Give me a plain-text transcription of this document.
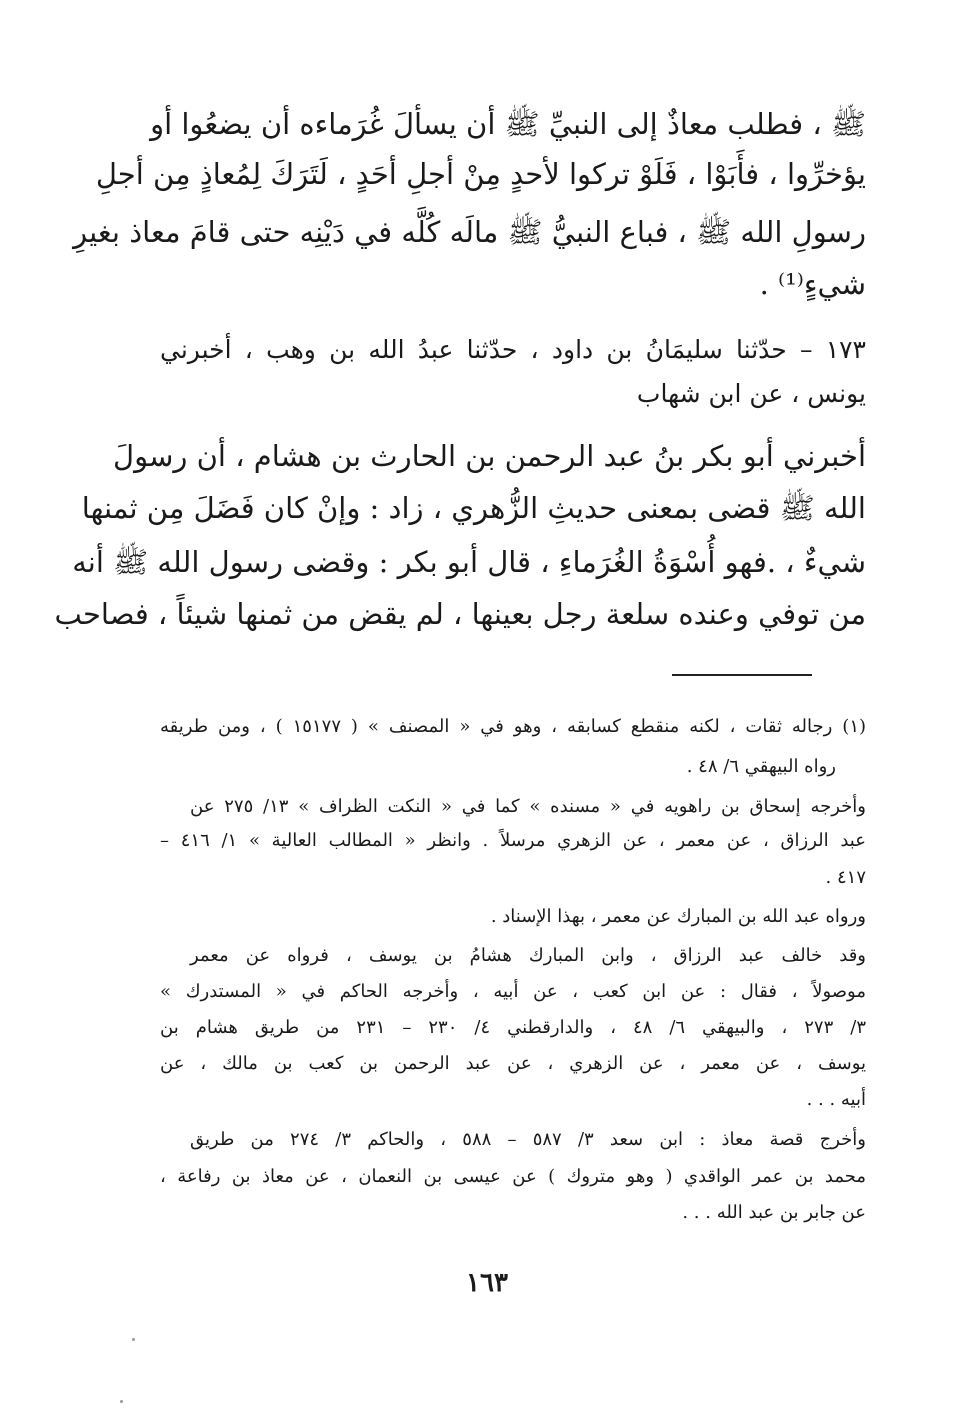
ﷺ ، فطلب معاذٌ إلى النبيِّ ﷺ أن يسألَ غُرَماءه أن يضعُوا أو
يؤخرِّوا ، فأَبَوْا ، فَلَوْ تركوا لأحدٍ مِنْ أجلِ أحَدٍ ، لَتَرَكَ لِمُعاذٍ مِن أجلِ
رسولِ الله ﷺ ، فباع النبيُّ ﷺ مالَه كُلَّه في دَيْنِه حتى قامَ معاذ بغيرِ
شيءٍ⁽¹⁾ .
١٧٣ – حدّثنا سليمَانُ بن داود ، حدّثنا عبدُ الله بن وهب ، أخبرني
يونس ، عن ابن شهاب
أخبرني أبو بكر بنُ عبد الرحمن بن الحارث بن هشام ، أن رسولَ
الله ﷺ قضى بمعنى حديثِ الزُّهري ، زاد : وإنْ كان فَضَلَ مِن ثمنها
شيءٌ ، .فهو أُسْوَةُ الغُرَماءِ ، قال أبو بكر : وقضى رسول الله ﷺ أنه
من توفي وعنده سلعة رجل بعينها ، لم يقض من ثمنها شيئاً ، فصاحب
(١) رجاله ثقات ، لكنه منقطع كسابقه ، وهو في « المصنف » ( ١٥١٧٧ ) ، ومن طريقه
رواه البيهقي ٦/ ٤٨ .
وأخرجه إسحاق بن راهويه في « مسنده » كما في « النكت الظراف » ١٣/ ٢٧٥ عن
عبد الرزاق ، عن معمر ، عن الزهري مرسلاً . وانظر « المطالب العالية » ١/ ٤١٦ –
٤١٧ .
ورواه عبد الله بن المبارك عن معمر ، بهذا الإسناد .
وقد خالف عبد الرزاق ، وابن المبارك هشامُ بن يوسف ، فرواه عن معمر
موصولاً ، فقال : عن ابن كعب ، عن أبيه ، وأخرجه الحاكم في « المستدرك »
٣/ ٢٧٣ ، والبيهقي ٦/ ٤٨ ، والدارقطني ٤/ ٢٣٠ – ٢٣١ من طريق هشام بن
يوسف ، عن معمر ، عن الزهري ، عن عبد الرحمن بن كعب بن مالك ، عن
أبيه . . .
وأخرج قصة معاذ : ابن سعد ٣/ ٥٨٧ – ٥٨٨ ، والحاكم ٣/ ٢٧٤ من طريق
محمد بن عمر الواقدي ( وهو متروك ) عن عيسى بن النعمان ، عن معاذ بن رفاعة ،
عن جابر بن عبد الله . . .
١٦٣
